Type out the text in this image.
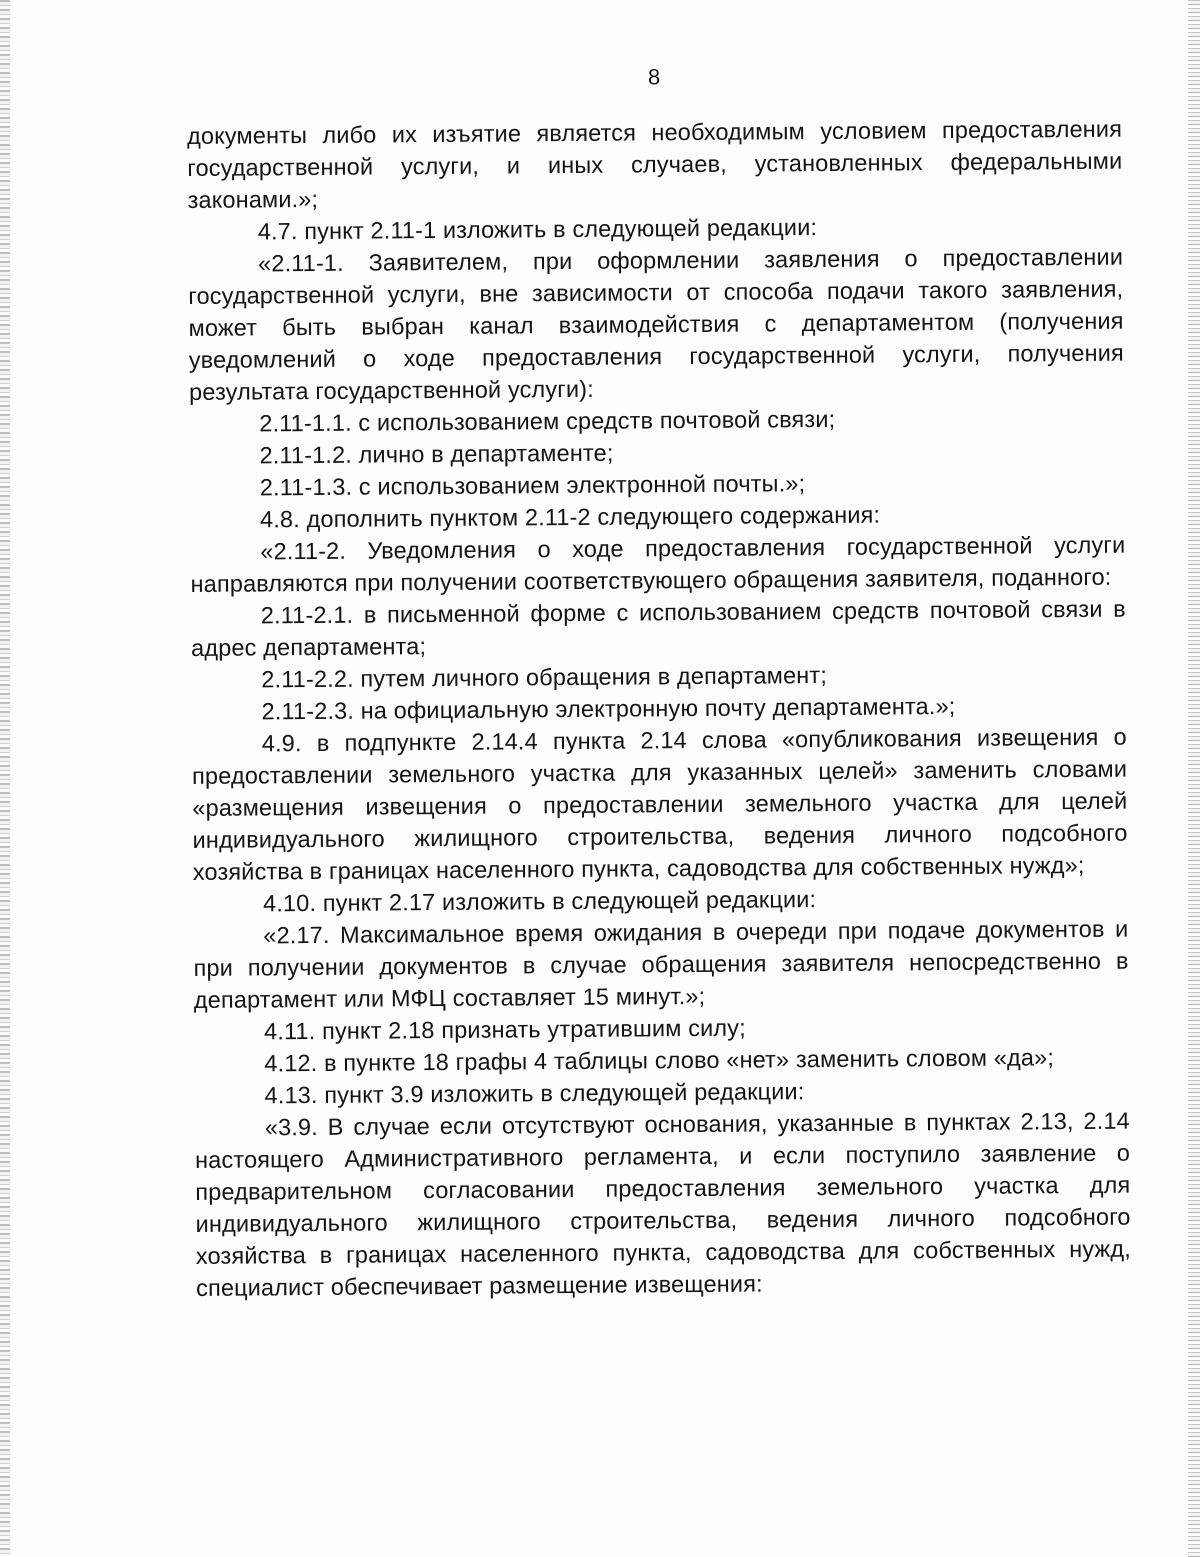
8

документы либо их изъятие является необходимым условием предоставления государственной услуги, и иных случаев, установленных федеральными законами.»;

4.7. пункт 2.11-1 изложить в следующей редакции:

«2.11-1. Заявителем, при оформлении заявления о предоставлении государственной услуги, вне зависимости от способа подачи такого заявления, может быть выбран канал взаимодействия с департаментом (получения уведомлений о ходе предоставления государственной услуги, получения результата государственной услуги):

2.11-1.1. с использованием средств почтовой связи;

2.11-1.2. лично в департаменте;

2.11-1.3. с использованием электронной почты.»;

4.8. дополнить пунктом 2.11-2 следующего содержания:

«2.11-2. Уведомления о ходе предоставления государственной услуги направляются при получении соответствующего обращения заявителя, поданного:

2.11-2.1. в письменной форме с использованием средств почтовой связи в адрес департамента;

2.11-2.2. путем личного обращения в департамент;

2.11-2.3. на официальную электронную почту департамента.»;

4.9. в подпункте 2.14.4 пункта 2.14 слова «опубликования извещения о предоставлении земельного участка для указанных целей» заменить словами «размещения извещения о предоставлении земельного участка для целей индивидуального жилищного строительства, ведения личного подсобного хозяйства в границах населенного пункта, садоводства для собственных нужд»;

4.10. пункт 2.17 изложить в следующей редакции:

«2.17. Максимальное время ожидания в очереди при подаче документов и при получении документов в случае обращения заявителя непосредственно в департамент или МФЦ составляет 15 минут.»;

4.11. пункт 2.18 признать утратившим силу;

4.12. в пункте 18 графы 4 таблицы слово «нет» заменить словом «да»;

4.13. пункт 3.9 изложить в следующей редакции:

«3.9. В случае если отсутствуют основания, указанные в пунктах 2.13, 2.14 настоящего Административного регламента, и если поступило заявление о предварительном согласовании предоставления земельного участка для индивидуального жилищного строительства, ведения личного подсобного хозяйства в границах населенного пункта, садоводства для собственных нужд, специалист обеспечивает размещение извещения:
